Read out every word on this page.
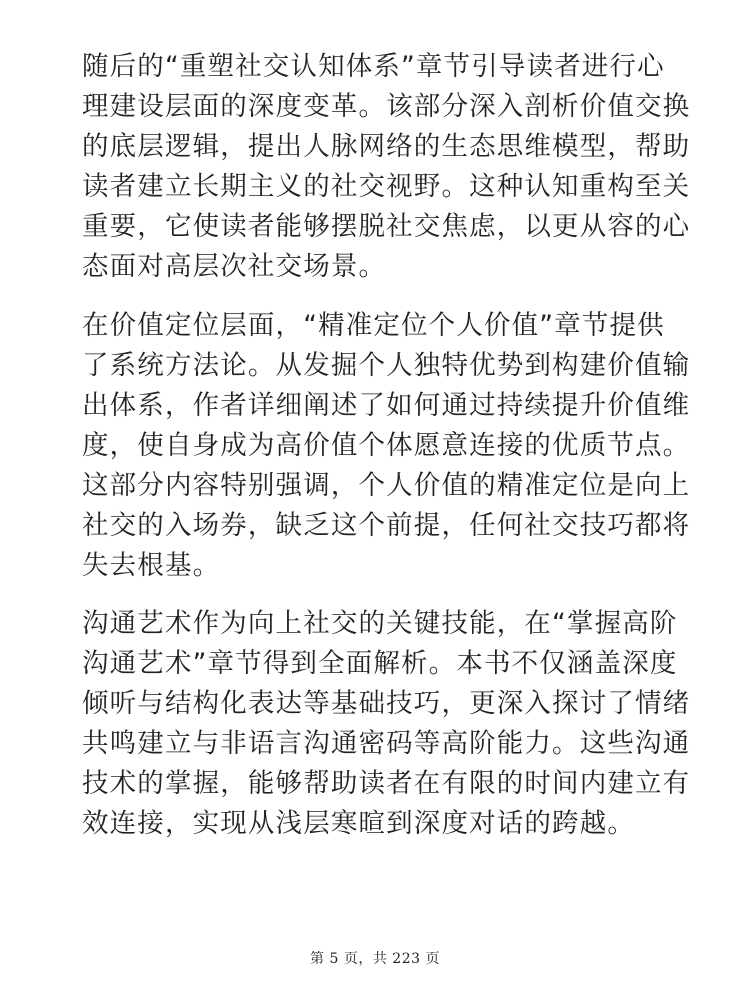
随后的“重塑社交认知体系”章节引导读者进行心
理建设层面的深度变革。该部分深入剖析价值交换
的底层逻辑，提出人脉网络的生态思维模型，帮助
读者建立长期主义的社交视野。这种认知重构至关
重要，它使读者能够摆脱社交焦虑，以更从容的心
态面对高层次社交场景。

在价值定位层面，“精准定位个人价值”章节提供
了系统方法论。从发掘个人独特优势到构建价值输
出体系，作者详细阐述了如何通过持续提升价值维
度，使自身成为高价值个体愿意连接的优质节点。
这部分内容特别强调，个人价值的精准定位是向上
社交的入场券，缺乏这个前提，任何社交技巧都将
失去根基。

沟通艺术作为向上社交的关键技能，在“掌握高阶
沟通艺术”章节得到全面解析。本书不仅涵盖深度
倾听与结构化表达等基础技巧，更深入探讨了情绪
共鸣建立与非语言沟通密码等高阶能力。这些沟通
技术的掌握，能够帮助读者在有限的时间内建立有
效连接，实现从浅层寒暄到深度对话的跨越。

第 5 页，共 223 页
